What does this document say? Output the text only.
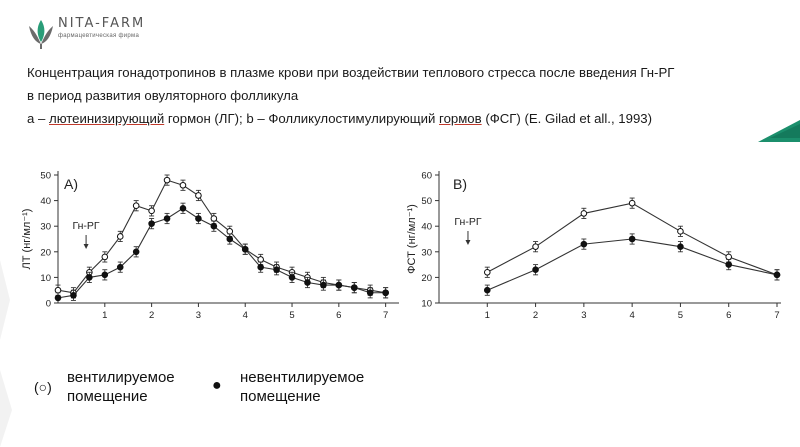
NITA-FARM
фармацевтическая фирма
Концентрация гонадотропинов в плазме крови при воздействии теплового стресса после введения Гн-РГ
в период развития овуляторного фолликула
a – лютеинизирующий гормон (ЛГ); b – Фолликулостимулирующий гормов (ФСГ) (E. Gilad et all., 1993)
0
10
20
30
40
50
1	2	3	4	5	6	7
ЛТ (нг/мл⁻¹)
A)
Гн-РГ
10
20
30
40
50
60
1	2	3	4	5	6	7
ФСТ (нг/мл⁻¹)
B)
Гн-РГ
(○)
вентилируемое
помещение
● невентилируемое
помещение
